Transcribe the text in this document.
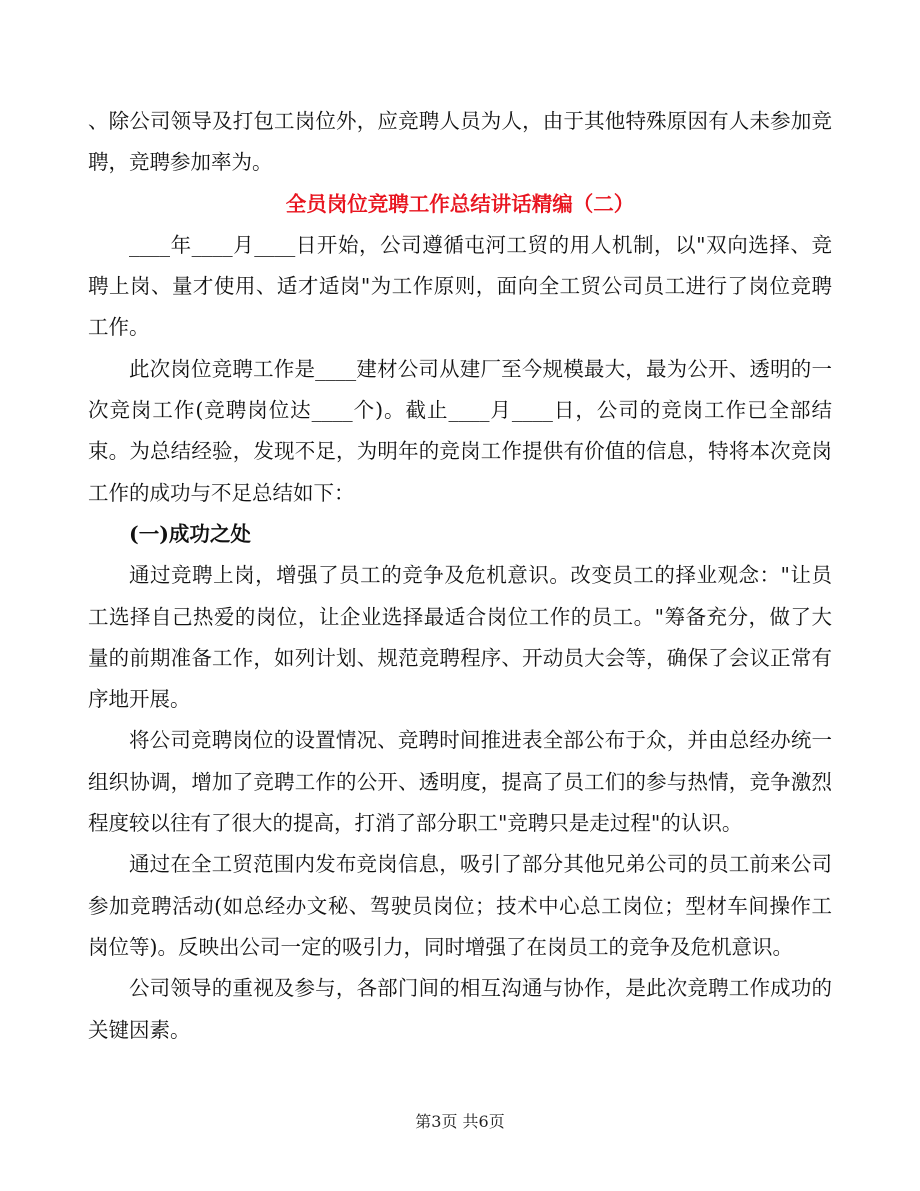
、除公司领导及打包工岗位外，应竞聘人员为人，由于其他特殊原因有人未参加竞聘，竞聘参加率为。

全员岗位竞聘工作总结讲话精编（二）

____年____月____日开始，公司遵循屯河工贸的用人机制，以"双向选择、竞聘上岗、量才使用、适才适岗"为工作原则，面向全工贸公司员工进行了岗位竞聘工作。

此次岗位竞聘工作是____建材公司从建厂至今规模最大，最为公开、透明的一次竞岗工作(竞聘岗位达____个)。截止____月____日，公司的竞岗工作已全部结束。为总结经验，发现不足，为明年的竞岗工作提供有价值的信息，特将本次竞岗工作的成功与不足总结如下：

(一)成功之处

通过竞聘上岗，增强了员工的竞争及危机意识。改变员工的择业观念："让员工选择自己热爱的岗位，让企业选择最适合岗位工作的员工。"筹备充分，做了大量的前期准备工作，如列计划、规范竞聘程序、开动员大会等，确保了会议正常有序地开展。

将公司竞聘岗位的设置情况、竞聘时间推进表全部公布于众，并由总经办统一组织协调，增加了竞聘工作的公开、透明度，提高了员工们的参与热情，竞争激烈程度较以往有了很大的提高，打消了部分职工"竞聘只是走过程"的认识。

通过在全工贸范围内发布竞岗信息，吸引了部分其他兄弟公司的员工前来公司参加竞聘活动(如总经办文秘、驾驶员岗位；技术中心总工岗位；型材车间操作工岗位等)。反映出公司一定的吸引力，同时增强了在岗员工的竞争及危机意识。

公司领导的重视及参与，各部门间的相互沟通与协作，是此次竞聘工作成功的关键因素。

第3页 共6页
